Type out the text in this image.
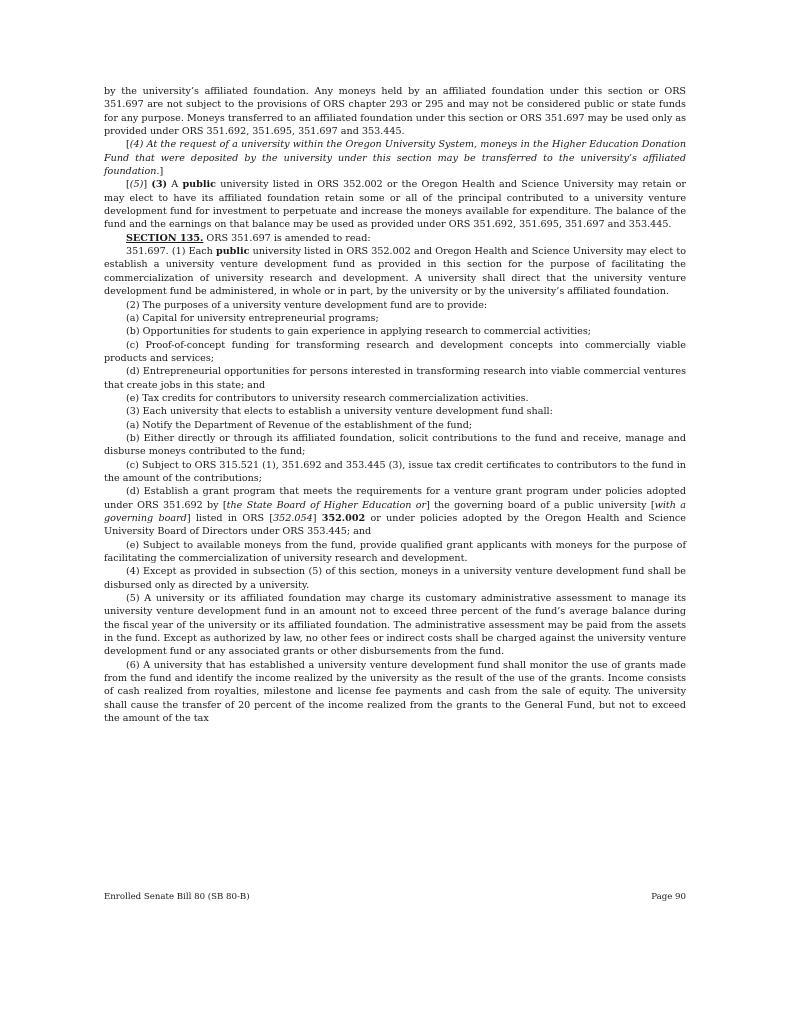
by the university’s affiliated foundation. Any moneys held by an affiliated foundation under this section or ORS 351.697 are not subject to the provisions of ORS chapter 293 or 295 and may not be considered public or state funds for any purpose. Moneys transferred to an affiliated foundation under this section or ORS 351.697 may be used only as provided under ORS 351.692, 351.695, 351.697 and 353.445.

[(4) At the request of a university within the Oregon University System, moneys in the Higher Education Donation Fund that were deposited by the university under this section may be transferred to the university’s affiliated foundation.]

[(5)] (3) A public university listed in ORS 352.002 or the Oregon Health and Science University may retain or may elect to have its affiliated foundation retain some or all of the principal contributed to a university venture development fund for investment to perpetuate and increase the moneys available for expenditure. The balance of the fund and the earnings on that balance may be used as provided under ORS 351.692, 351.695, 351.697 and 353.445.

SECTION 135. ORS 351.697 is amended to read:

351.697. (1) Each public university listed in ORS 352.002 and Oregon Health and Science University may elect to establish a university venture development fund as provided in this section for the purpose of facilitating the commercialization of university research and development. A university shall direct that the university venture development fund be administered, in whole or in part, by the university or by the university’s affiliated foundation.

(2) The purposes of a university venture development fund are to provide:

(a) Capital for university entrepreneurial programs;

(b) Opportunities for students to gain experience in applying research to commercial activities;

(c) Proof-of-concept funding for transforming research and development concepts into commercially viable products and services;

(d) Entrepreneurial opportunities for persons interested in transforming research into viable commercial ventures that create jobs in this state; and

(e) Tax credits for contributors to university research commercialization activities.

(3) Each university that elects to establish a university venture development fund shall:

(a) Notify the Department of Revenue of the establishment of the fund;

(b) Either directly or through its affiliated foundation, solicit contributions to the fund and receive, manage and disburse moneys contributed to the fund;

(c) Subject to ORS 315.521 (1), 351.692 and 353.445 (3), issue tax credit certificates to contributors to the fund in the amount of the contributions;

(d) Establish a grant program that meets the requirements for a venture grant program under policies adopted under ORS 351.692 by [the State Board of Higher Education or] the governing board of a public university [with a governing board] listed in ORS [352.054] 352.002 or under policies adopted by the Oregon Health and Science University Board of Directors under ORS 353.445; and

(e) Subject to available moneys from the fund, provide qualified grant applicants with moneys for the purpose of facilitating the commercialization of university research and development.

(4) Except as provided in subsection (5) of this section, moneys in a university venture development fund shall be disbursed only as directed by a university.

(5) A university or its affiliated foundation may charge its customary administrative assessment to manage its university venture development fund in an amount not to exceed three percent of the fund’s average balance during the fiscal year of the university or its affiliated foundation. The administrative assessment may be paid from the assets in the fund. Except as authorized by law, no other fees or indirect costs shall be charged against the university venture development fund or any associated grants or other disbursements from the fund.

(6) A university that has established a university venture development fund shall monitor the use of grants made from the fund and identify the income realized by the university as the result of the use of the grants. Income consists of cash realized from royalties, milestone and license fee payments and cash from the sale of equity. The university shall cause the transfer of 20 percent of the income realized from the grants to the General Fund, but not to exceed the amount of the tax

Enrolled Senate Bill 80 (SB 80-B)	Page 90
